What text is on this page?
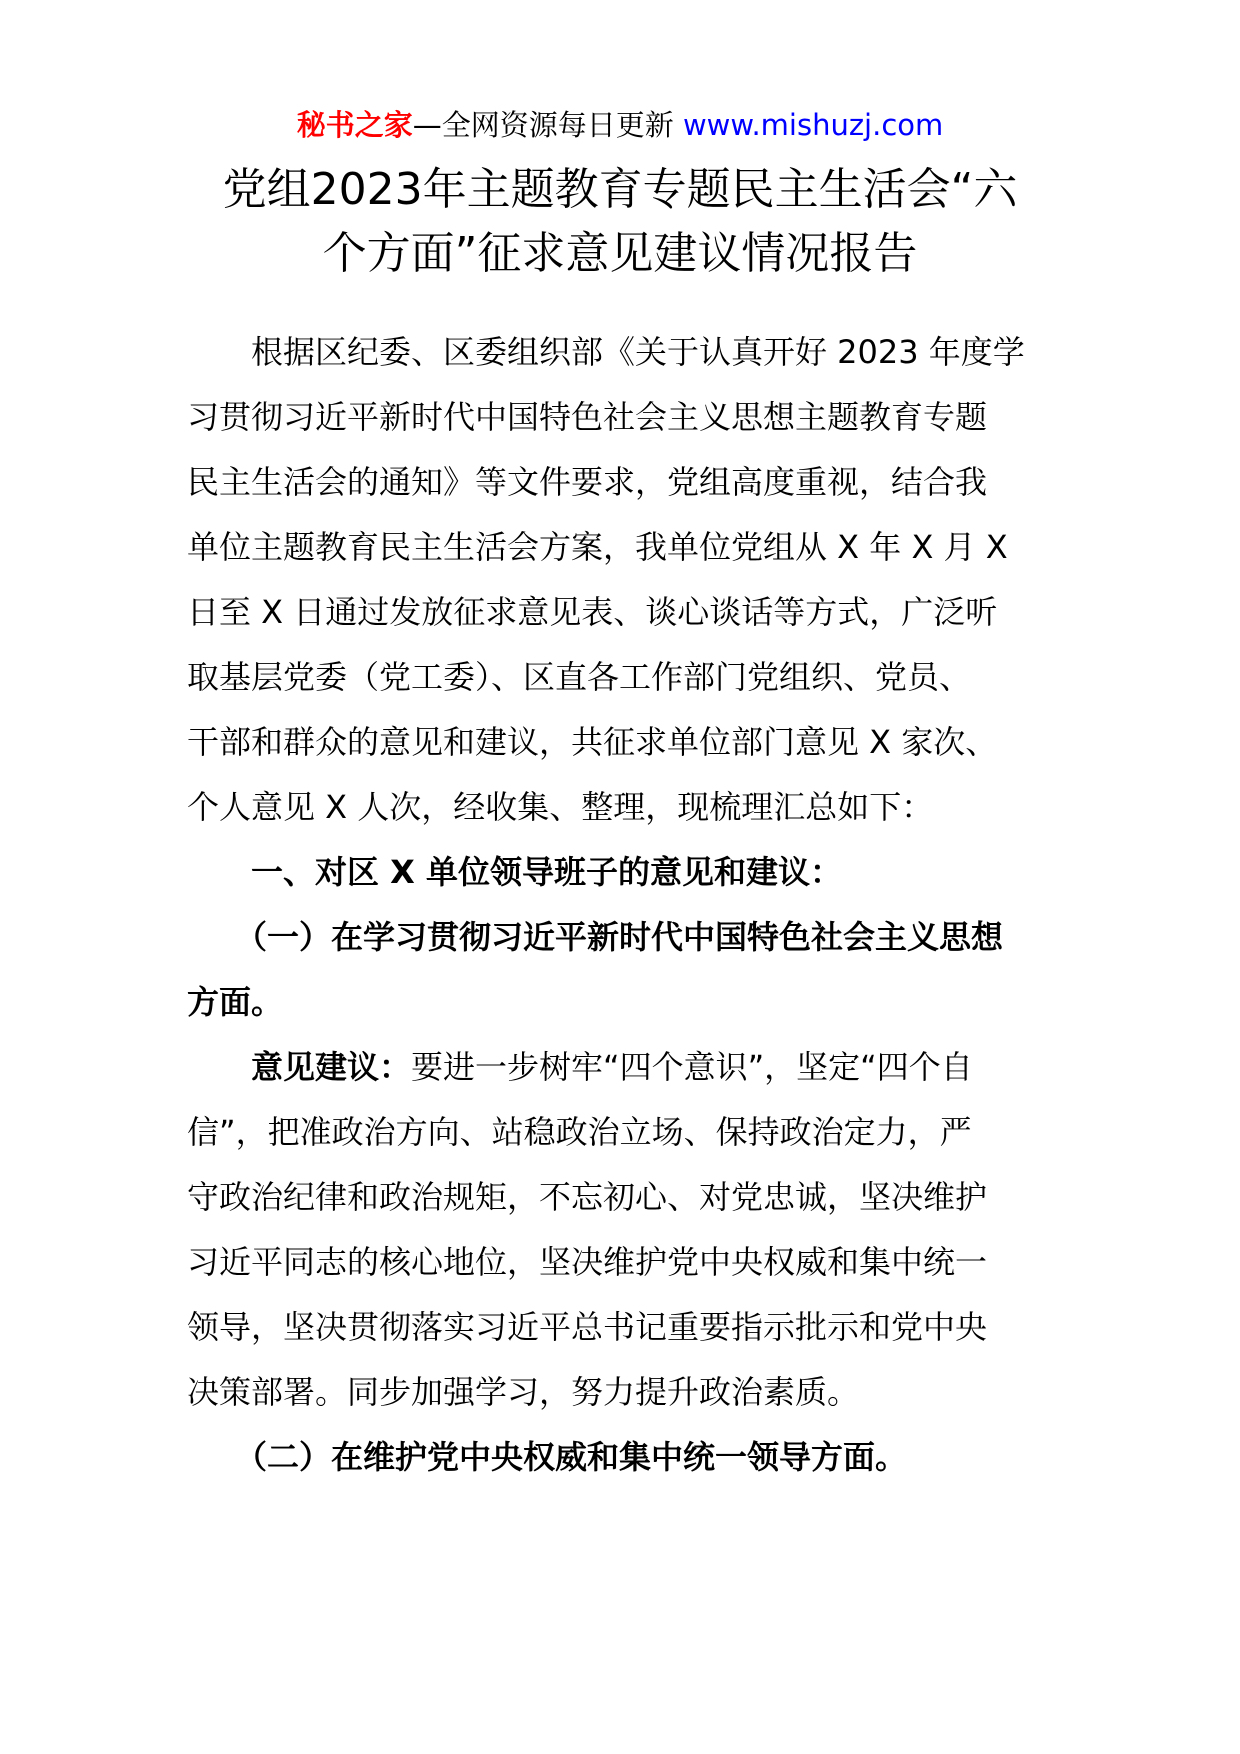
秘书之家—全网资源每日更新 www.mishuzj.com
党组2023年主题教育专题民主生活会“六
个方面”征求意见建议情况报告
根据区纪委、区委组织部《关于认真开好 2023 年度学
习贯彻习近平新时代中国特色社会主义思想主题教育专题
民主生活会的通知》等文件要求，党组高度重视，结合我
单位主题教育民主生活会方案，我单位党组从 X 年 X 月 X
日至 X 日通过发放征求意见表、谈心谈话等方式，广泛听
取基层党委（党工委）、区直各工作部门党组织、党员、
干部和群众的意见和建议，共征求单位部门意见 X 家次、
个人意见 X 人次，经收集、整理，现梳理汇总如下：
一、对区 X 单位领导班子的意见和建议：
（一）在学习贯彻习近平新时代中国特色社会主义思想
方面。
意见建议：要进一步树牢“四个意识”，坚定“四个自
信”，把准政治方向、站稳政治立场、保持政治定力，严
守政治纪律和政治规矩，不忘初心、对党忠诚，坚决维护
习近平同志的核心地位，坚决维护党中央权威和集中统一
领导，坚决贯彻落实习近平总书记重要指示批示和党中央
决策部署。同步加强学习，努力提升政治素质。
（二）在维护党中央权威和集中统一领导方面。
